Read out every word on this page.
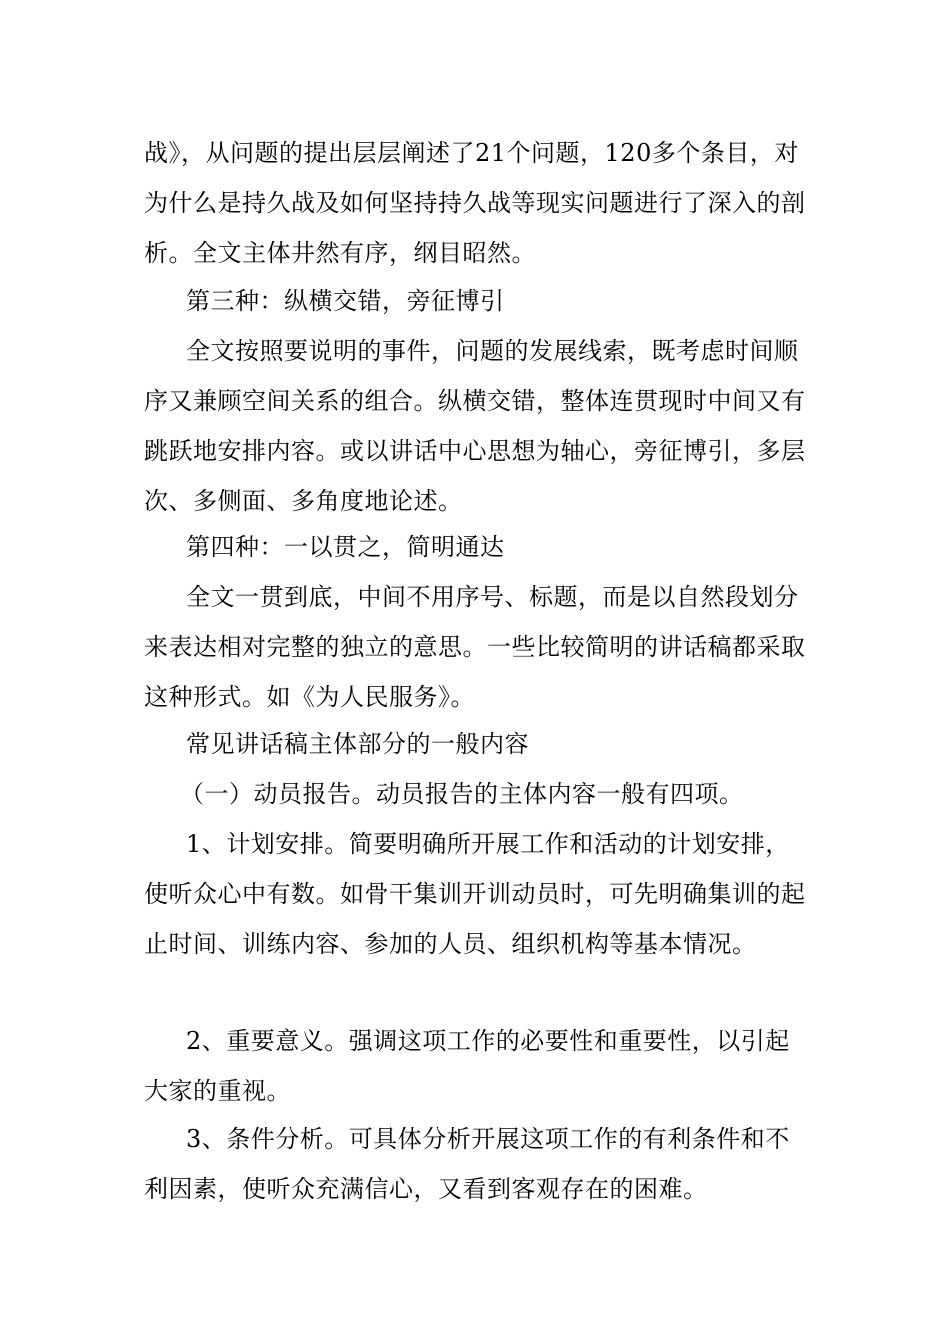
战》，从问题的提出层层阐述了21个问题，120多个条目，对为什么是持久战及如何坚持持久战等现实问题进行了深入的剖析。全文主体井然有序，纲目昭然。

第三种：纵横交错，旁征博引

全文按照要说明的事件，问题的发展线索，既考虑时间顺序又兼顾空间关系的组合。纵横交错，整体连贯现时中间又有跳跃地安排内容。或以讲话中心思想为轴心，旁征博引，多层次、多侧面、多角度地论述。

第四种：一以贯之，简明通达

全文一贯到底，中间不用序号、标题，而是以自然段划分来表达相对完整的独立的意思。一些比较简明的讲话稿都采取这种形式。如《为人民服务》。

常见讲话稿主体部分的一般内容

（一）动员报告。动员报告的主体内容一般有四项。

1、计划安排。简要明确所开展工作和活动的计划安排，使听众心中有数。如骨干集训开训动员时，可先明确集训的起止时间、训练内容、参加的人员、组织机构等基本情况。

2、重要意义。强调这项工作的必要性和重要性，以引起大家的重视。

3、条件分析。可具体分析开展这项工作的有利条件和不利因素，使听众充满信心，又看到客观存在的困难。
